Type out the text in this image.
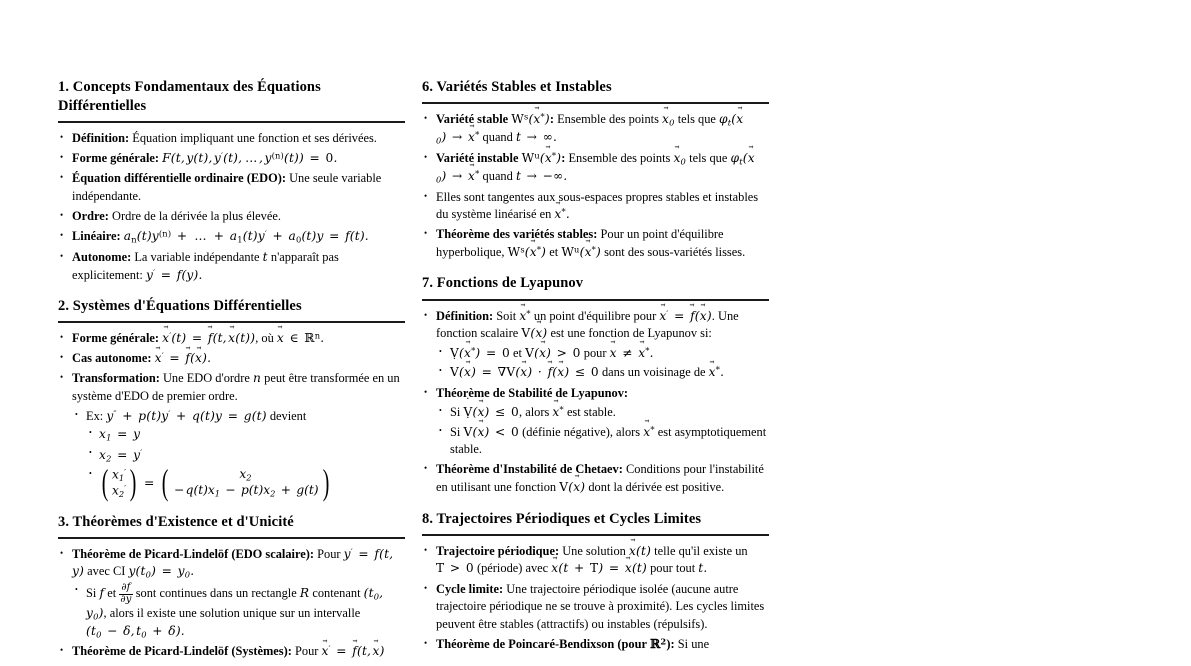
1. Concepts Fondamentaux des Équations Différentielles
• Définition: Équation impliquant une fonction et ses dérivées.
• Forme générale: F(t, y(t), y′(t), … , $y^{(n)}(t)) = 0$.
• Équation différentielle ordinaire (EDO): Une seule variable indépendante.
• Ordre: Ordre de la dérivée la plus élevée.
• Linéaire: $a_n(t)y^{(n)}$ + … + $a_1(t)y' + a_0(t)y = f(t)$.
• Autonome: La variable indépendante t n'apparaît pas explicitement: y′ = f(y).
2. Systèmes d'Équations Différentielles
• Forme générale: x →′(t) = f →(t, x →(t)), où x → ∈ ℝ$^n$.
• Cas autonome: x →′ = f →(x →).
• Transformation: Une EDO d'ordre n peut être transformée en un système d'EDO de premier ordre.
• Ex: y″ + p(t)y′ + q(t)y = g(t) devient
• $x_1 = y$
• $x_2 = y'$
• ( $x_1'$
$x_2'$ ) = (	$x_2$
− $q(t)x_1 - p(t)x_2 + g(t)$ )
3. Théorèmes d'Existence et d'Unicité
• Théorème de Picard-Lindelöf (EDO scalaire): Pour y′ = f(t, y) avec CI $y(t_0) = y_0$.
• Si f et $\frac{\partial f}{\partial y}$ sont continues dans un rectangle R contenant ($t_0$, $y_0$), alors il existe une solution unique sur un intervalle ($t_0 - \delta$, $t_0 + \delta$).
• Théorème de Picard-Lindelöf (Systèmes): Pour x →′ = f →(t, x →)
6. Variétés Stables et Instables
• Variété stable $W^s(x \to^*)$: Ensemble des points $x \to_0$ tels que $\varphi_t(x \to_0) \to x \to^*$ quand t → ∞.
• Variété instable $W^u(x \to^*)$: Ensemble des points $x \to_0$ tels que $\varphi_t(x \to_0) \to x \to^*$ quand t → −∞.
• Elles sont tangentes aux sous-espaces propres stables et instables du système linéarisé en x →*.
• Théorème des variétés stables: Pour un point d'équilibre hyperbolique, $W^s(x \to^*)$ et $W^u(x \to^*)$ sont des sous-variétés lisses.
7. Fonctions de Lyapunov
• Définition: Soit x →* un point d'équilibre pour x →′ = f →(x →). Une fonction scalaire V(x →) est une fonction de Lyapunov si:
• V(x →*) = 0 et V(x →) > 0 pour x → ≠ x →*.
• V ˙(x →) = ∇V(x →) · f →(x →) ≤ 0 dans un voisinage de x →*.
• Théorème de Stabilité de Lyapunov:
• Si V ˙(x →) ≤ 0, alors x →* est stable.
• Si V ˙(x →) < 0 (définie négative), alors x →* est asymptotiquement stable.
• Théorème d'Instabilité de Chetaev: Conditions pour l'instabilité en utilisant une fonction V(x →) dont la dérivée est positive.
8. Trajectoires Périodiques et Cycles Limites
• Trajectoire périodique: Une solution x →(t) telle qu'il existe un T > 0 (période) avec x →(t + T) = x →(t) pour tout t.
• Cycle limite: Une trajectoire périodique isolée (aucune autre trajectoire périodique ne se trouve à proximité). Les cycles limites peuvent être stables (attractifs) ou instables (répulsifs).
• Théorème de Poincaré-Bendixson (pour ℝ$^2$): Si une
